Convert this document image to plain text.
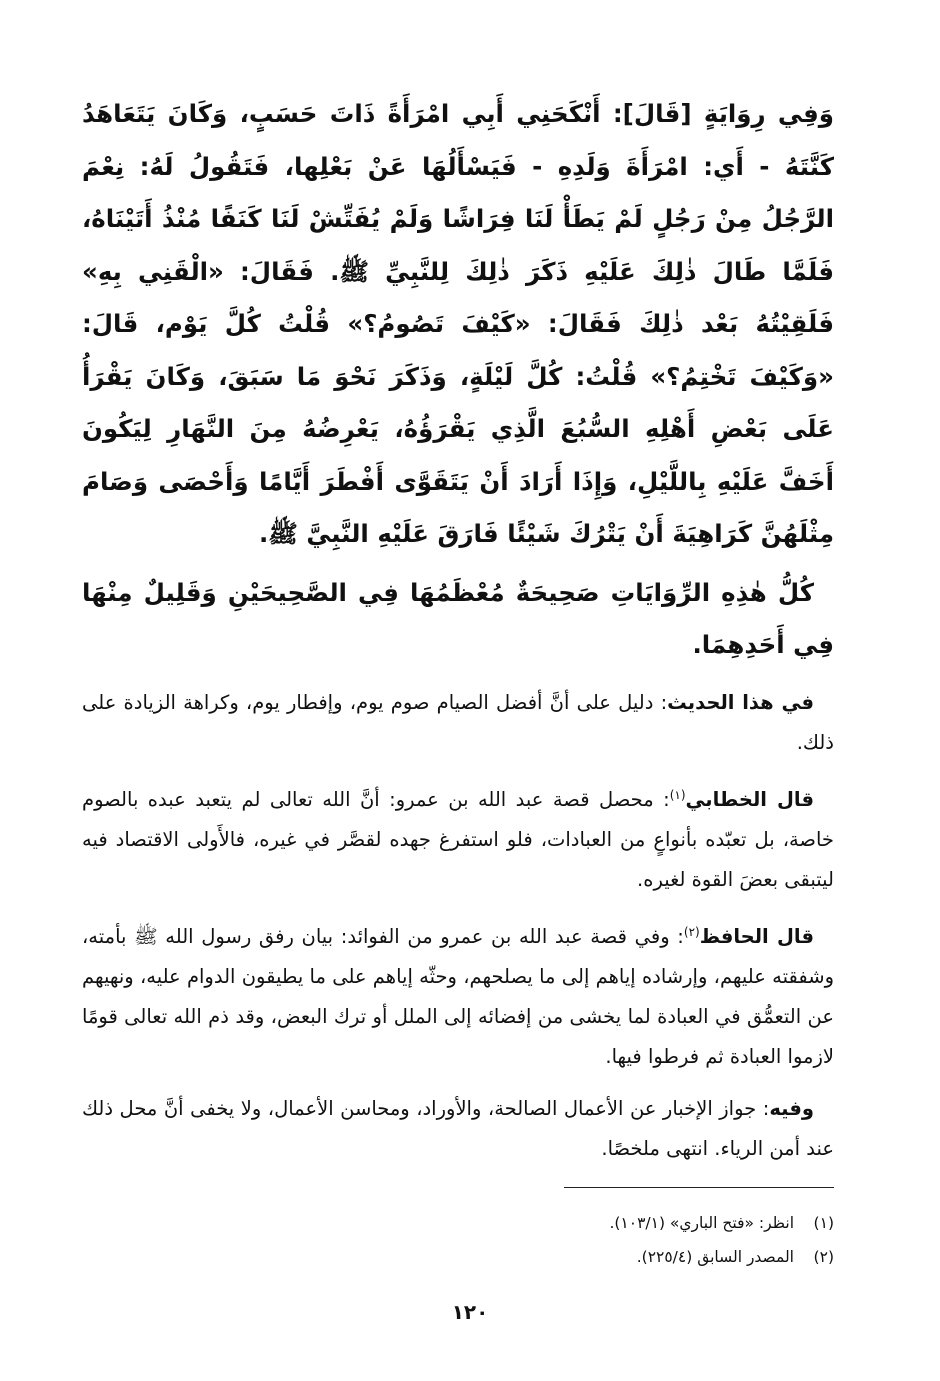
وَفِي رِوَايَةٍ [قَالَ]: أَنْكَحَنِي أَبِي امْرَأَةً ذَاتَ حَسَبٍ، وَكَانَ يَتَعَاهَدُ كَنَّتَهُ - أَي: امْرَأَةَ وَلَدِهِ - فَيَسْأَلُهَا عَنْ بَعْلِها، فَتَقُولُ لَهُ: نِعْمَ الرَّجُلُ مِنْ رَجُلٍ لَمْ يَطَأْ لَنَا فِرَاشًا وَلَمْ يُفَتِّشْ لَنَا كَنَفًا مُنْذُ أَتَيْنَاهُ، فَلَمَّا طَالَ ذٰلِكَ عَلَيْهِ ذَكَرَ ذٰلِكَ لِلنَّبِيِّ ﷺ. فَقَالَ: «الْقَنِي بِهِ» فَلَقِيْتُهُ بَعْد ذٰلِكَ فَقَالَ: «كَيْفَ تَصُومُ؟» قُلْتُ كُلَّ يَوْم، قَالَ: «وَكَيْفَ تَخْتِمُ؟» قُلْتُ: كُلَّ لَيْلَةٍ، وَذَكَرَ نَحْوَ مَا سَبَقَ، وَكَانَ يَقْرَأُ عَلَى بَعْضِ أَهْلِهِ السُّبُعَ الَّذِي يَقْرَؤُهُ، يَعْرِضُهُ مِنَ النَّهَارِ لِيَكُونَ أَخَفَّ عَلَيْهِ بِاللَّيْلِ، وَإِذَا أَرَادَ أَنْ يَتَقَوَّى أَفْطَرَ أَيَّامًا وَأَحْصَى وَصَامَ مِثْلَهُنَّ كَرَاهِيَةَ أَنْ يَتْرُكَ شَيْئًا فَارَقَ عَلَيْهِ النَّبِيَّ ﷺ.

كُلُّ هٰذِهِ الرِّوَايَاتِ صَحِيحَةٌ مُعْظَمُهَا فِي الصَّحِيحَيْنِ وَقَلِيلٌ مِنْهَا فِي أَحَدِهِمَا.

في هذا الحديث: دليل على أنَّ أفضل الصيام صوم يوم، وإفطار يوم، وكراهة الزيادة على ذلك.

قال الخطابي$^{(١)}$: محصل قصة عبد الله بن عمرو: أنَّ الله تعالى لم يتعبد عبده بالصوم خاصة، بل تعبّده بأنواعٍ من العبادات، فلو استفرغ جهده لقصَّر في غيره، فالأَولى الاقتصاد فيه ليتبقى بعضَ القوة لغيره.

قال الحافظ$^{(٢)}$: وفي قصة عبد الله بن عمرو من الفوائد: بيان رفق رسول الله ﷺ بأمته، وشفقته عليهم، وإرشاده إياهم إلى ما يصلحهم، وحثّه إياهم على ما يطيقون الدوام عليه، ونهيهم عن التعمُّق في العبادة لما يخشى من إفضائه إلى الملل أو ترك البعض، وقد ذم الله تعالى قومًا لازموا العبادة ثم فرطوا فيها.

وفيه: جواز الإخبار عن الأعمال الصالحة، والأوراد، ومحاسن الأعمال، ولا يخفى أنَّ محل ذلك عند أمن الرياء. انتهى ملخصًا.

(١)انظر: «فتح الباري» (١٠٣/١).

(٢)المصدر السابق (٢٢٥/٤).

١٢٠
